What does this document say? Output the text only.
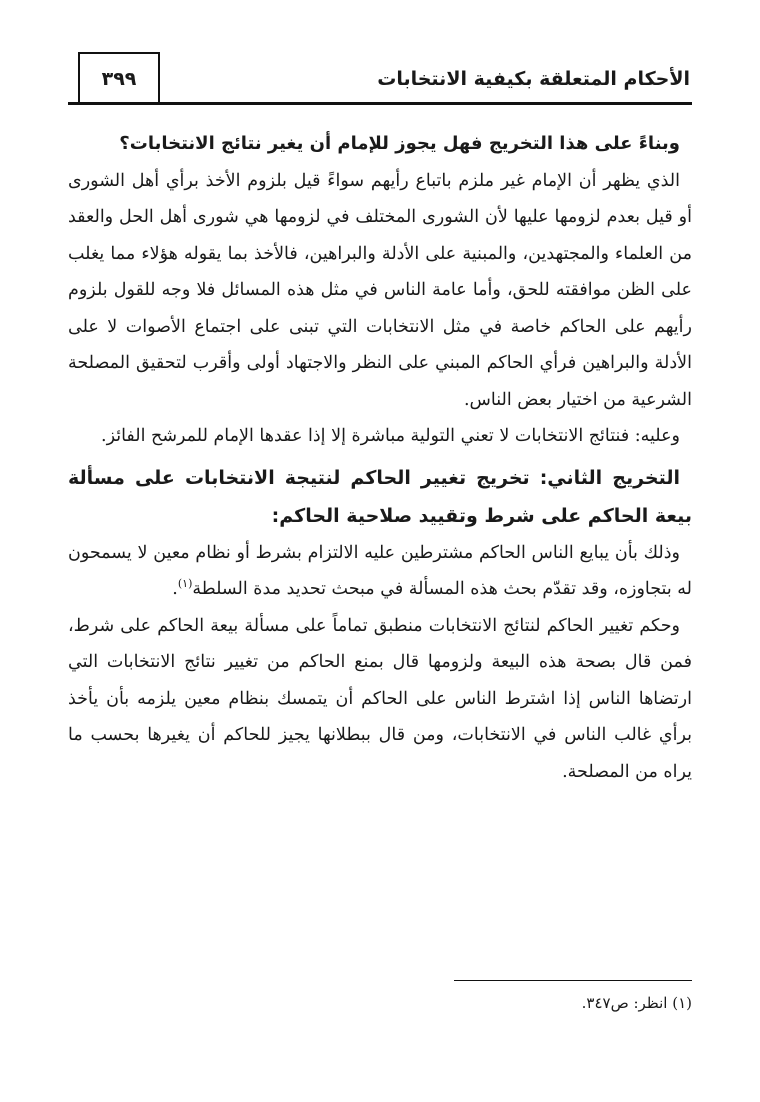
الأحكام المتعلقة بكيفية الانتخابات
٣٩٩

وبناءً على هذا التخريج فهل يجوز للإمام أن يغير نتائج الانتخابات؟

الذي يظهر أن الإمام غير ملزم باتباع رأيهم سواءً قيل بلزوم الأخذ برأي أهل الشورى أو قيل بعدم لزومها عليها لأن الشورى المختلف في لزومها هي شورى أهل الحل والعقد من العلماء والمجتهدين، والمبنية على الأدلة والبراهين، فالأخذ بما يقوله هؤلاء مما يغلب على الظن موافقته للحق، وأما عامة الناس في مثل هذه المسائل فلا وجه للقول بلزوم رأيهم على الحاكم خاصة في مثل الانتخابات التي تبنى على اجتماع الأصوات لا على الأدلة والبراهين فرأي الحاكم المبني على النظر والاجتهاد أولى وأقرب لتحقيق المصلحة الشرعية من اختيار بعض الناس.

وعليه: فنتائج الانتخابات لا تعني التولية مباشرة إلا إذا عقدها الإمام للمرشح الفائز.

التخريج الثاني: تخريج تغيير الحاكم لنتيجة الانتخابات على مسألة بيعة الحاكم على شرط وتقييد صلاحية الحاكم:

وذلك بأن يبايع الناس الحاكم مشترطين عليه الالتزام بشرط أو نظام معين لا يسمحون له بتجاوزه، وقد تقدّم بحث هذه المسألة في مبحث تحديد مدة السلطة$^{(١)}$.

وحكم تغيير الحاكم لنتائج الانتخابات منطبق تماماً على مسألة بيعة الحاكم على شرط، فمن قال بصحة هذه البيعة ولزومها قال بمنع الحاكم من تغيير نتائج الانتخابات التي ارتضاها الناس إذا اشترط الناس على الحاكم أن يتمسك بنظام معين يلزمه بأن يأخذ برأي غالب الناس في الانتخابات، ومن قال ببطلانها يجيز للحاكم أن يغيرها بحسب ما يراه من المصلحة.

(١) انظر: ص٣٤٧.
